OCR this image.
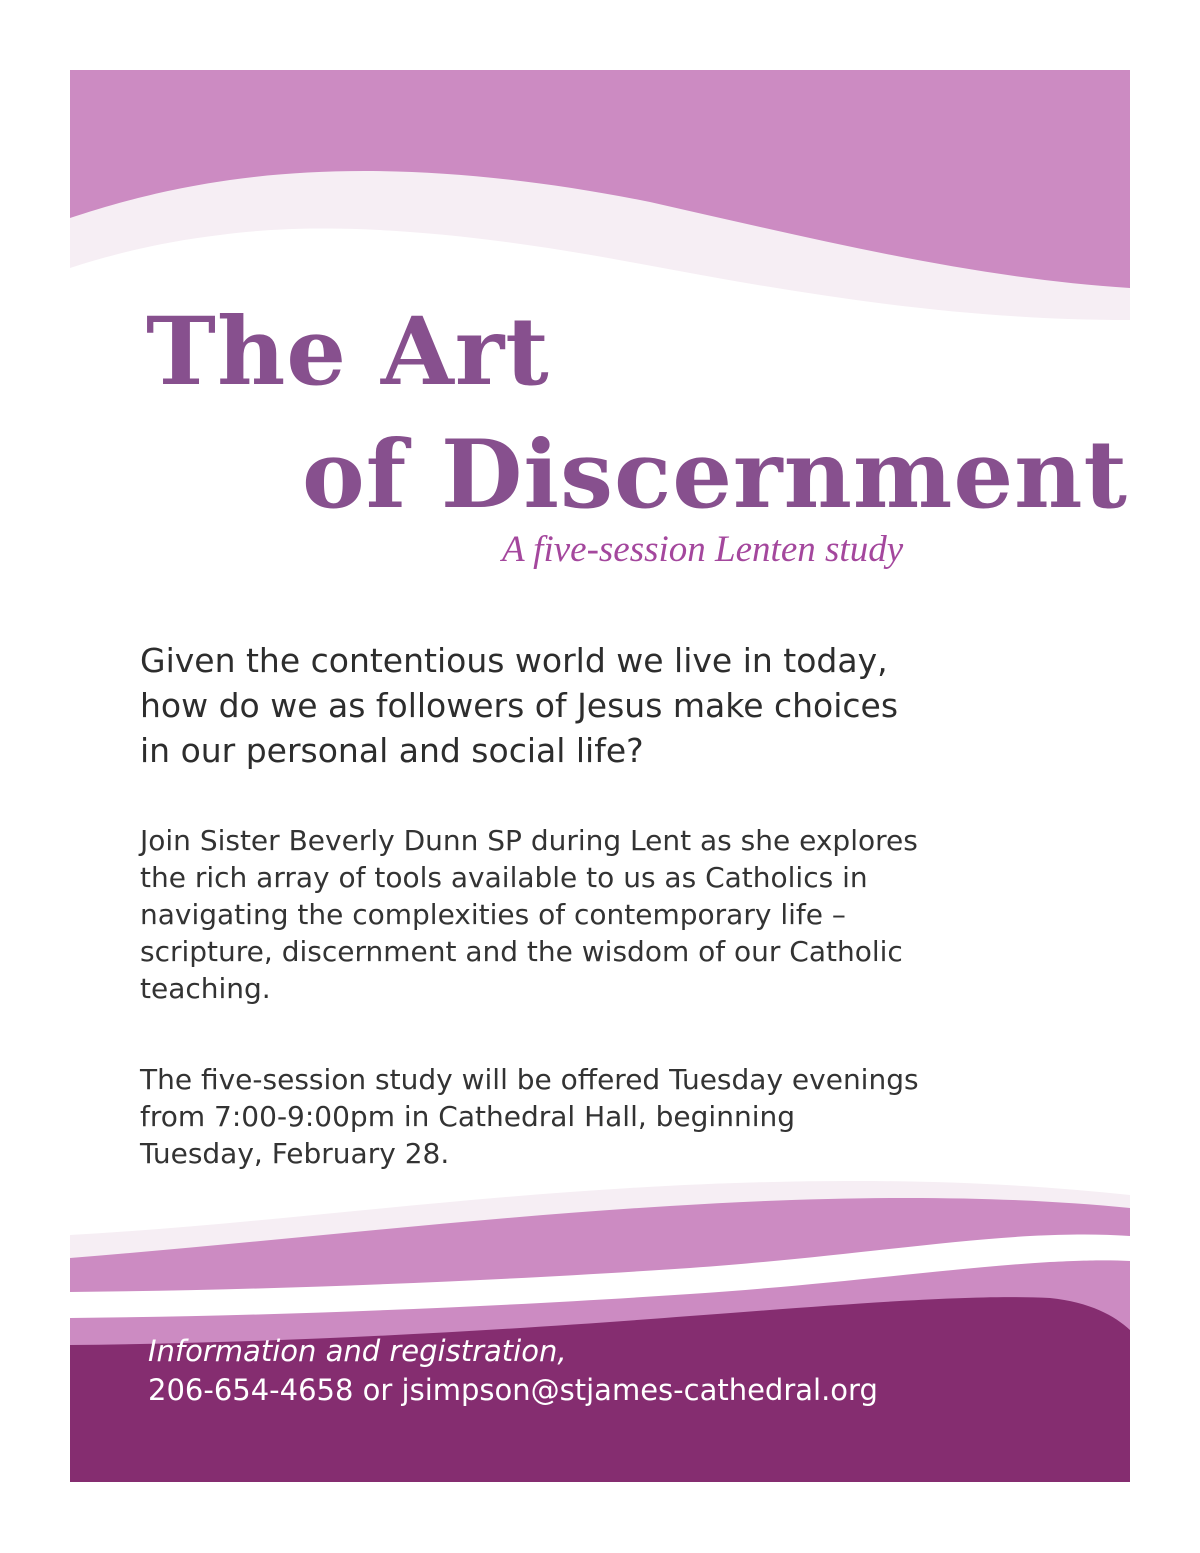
The Art
of Discernment
A five-session Lenten study

Given the contentious world we live in today,
how do we as followers of Jesus make choices
in our personal and social life?

Join Sister Beverly Dunn SP during Lent as she explores
the rich array of tools available to us as Catholics in
navigating the complexities of contemporary life –
scripture, discernment and the wisdom of our Catholic
teaching.

The five-session study will be offered Tuesday evenings
from 7:00-9:00pm in Cathedral Hall, beginning
Tuesday, February 28.

Information and registration,
206-654-4658 or jsimpson@stjames-cathedral.org
